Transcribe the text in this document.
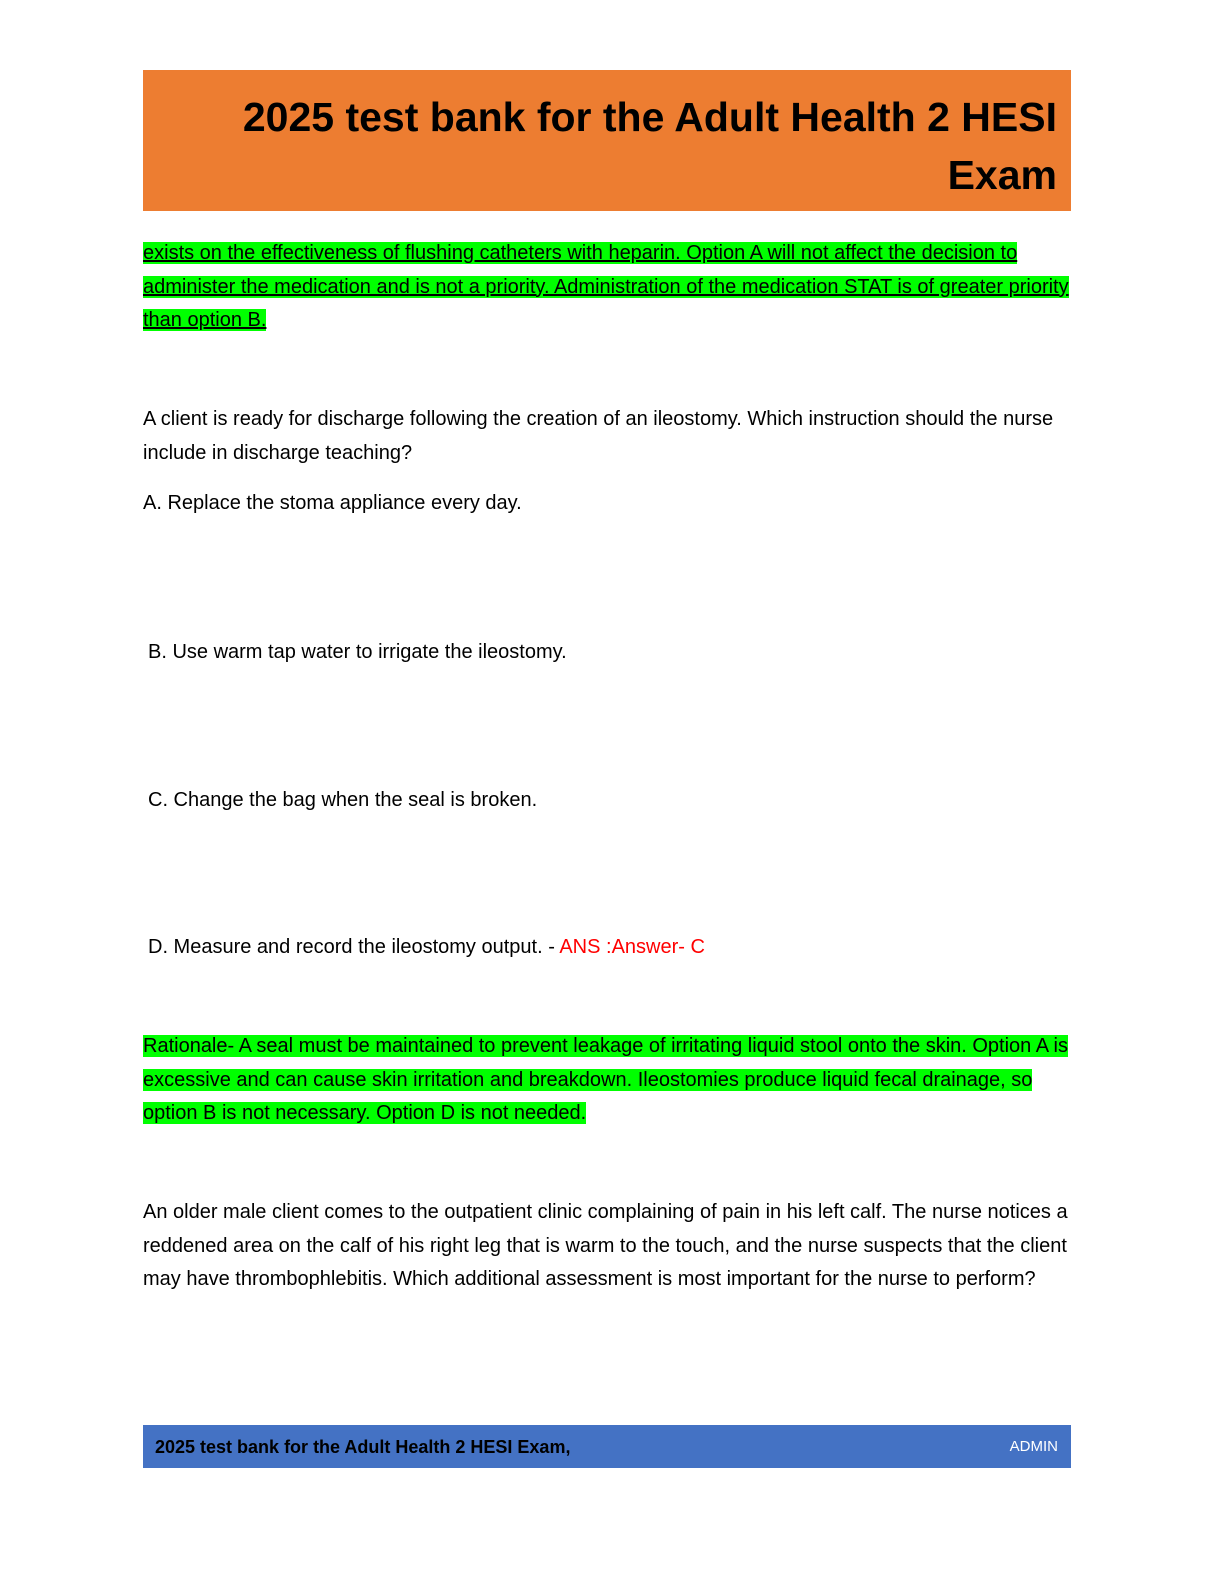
2025 test bank for the Adult Health 2 HESI Exam
exists on the effectiveness of flushing catheters with heparin. Option A will not affect the decision to administer the medication and is not a priority. Administration of the medication STAT is of greater priority than option B.
A client is ready for discharge following the creation of an ileostomy. Which instruction should the nurse include in discharge teaching?
A. Replace the stoma appliance every day.
B. Use warm tap water to irrigate the ileostomy.
C. Change the bag when the seal is broken.
D. Measure and record the ileostomy output. - ANS :Answer- C
Rationale- A seal must be maintained to prevent leakage of irritating liquid stool onto the skin. Option A is excessive and can cause skin irritation and breakdown. Ileostomies produce liquid fecal drainage, so option B is not necessary. Option D is not needed.
An older male client comes to the outpatient clinic complaining of pain in his left calf. The nurse notices a reddened area on the calf of his right leg that is warm to the touch, and the nurse suspects that the client may have thrombophlebitis. Which additional assessment is most important for the nurse to perform?
2025 test bank for the Adult Health 2 HESI Exam,	ADMIN
